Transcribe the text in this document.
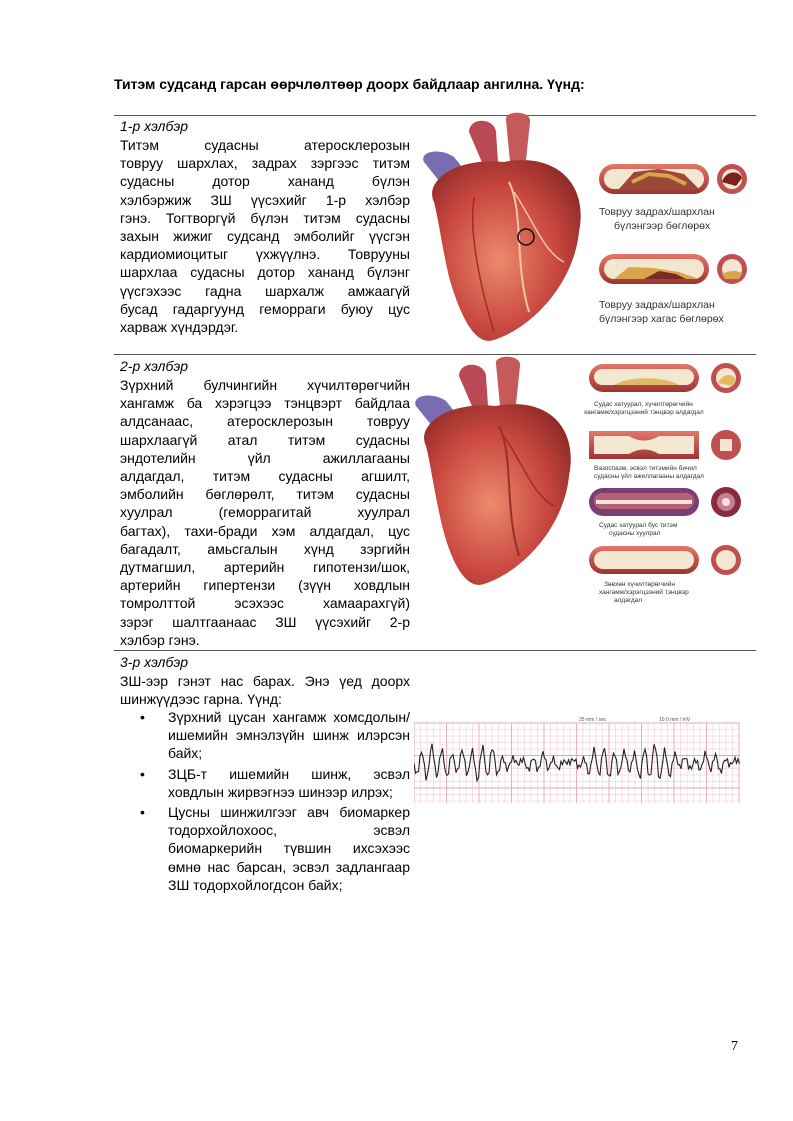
Титэм судсанд гарсан өөрчлөлтөөр доорх байдлаар ангилна. Үүнд:
1-р хэлбэр
Титэм судасны атеросклерозын
товруу шархлах, задрах зэргээс титэм
судасны дотор хананд бүлэн
хэлбэржиж ЗШ үүсэхийг 1-р хэлбэр
гэнэ. Тогтворгүй бүлэн титэм судасны
захын жижиг судсанд эмболийг үүсгэн
кардиомиоцитыг үхжүүлнэ. Товрууны
шархлаа судасны дотор хананд бүлэнг
үүсгэхээс гадна шархалж амжаагүй
бусад гадаргуунд геморраги буюу цус
харваж хүндэрдэг.
2-р хэлбэр
Зүрхний булчингийн хүчилтөрөгчийн
хангамж ба хэрэгцээ тэнцвэрт байдлаа
алдсанаас, атеросклерозын товруу
шархлаагүй атал титэм судасны
эндотелийн үйл ажиллагааны
алдагдал, титэм судасны агшилт,
эмболийн бөглөрөлт, титэм судасны
хуулрал (геморрагитай хуулрал
багтах), тахи-бради хэм алдагдал, цус
багадалт, амьсгалын хүнд зэргийн
дутмагшил, артерийн гипотензи/шок,
артерийн гипертензи (зүүн ховдлын
томролттой эсэхээс хамаарахгүй)
зэрэг шалтгаанаас ЗШ үүсэхийг 2-р
хэлбэр гэнэ.
3-р хэлбэр
ЗШ-ээр гэнэт нас барах. Энэ үед доорх
шинжүүдээс гарна. Үүнд:
•	Зүрхний цусан хангамж хомсдолын/ ишемийн эмнэлзүйн шинж илэрсэн байх;
•	ЗЦБ-т ишемийн шинж, эсвэл ховдлын жирвэгнээ шинээр илрэх;
•	Цусны шинжилгээг авч биомаркер тодорхойлохоос, эсвэл биомаркерийн түвшин ихсэхээс өмнө нас барсан, эсвэл задлангаар ЗШ тодорхойлогдсон байх;
Товруу задрах/шархлан
бүлэнгээр бөглөрөх
Товруу задрах/шархлан
бүлэнгээр хагас бөглөрөх
Судас хатуурал, хүчилтөрөгчийн
хангамж/хэрэгцээний тэнцвэр алдагдал
Вазоспазм, эсвэл титэмийн бичил
судасны үйл ажиллагааны алдагдал
Судас хатуурал бус титэм
судасны хуулрал
Зөвхөн хүчилтөрөгчийн
хангамж/хэрэгцээний тэнцвэр
алдагдал
25 mm / sec	10.0 mm / mV
7
